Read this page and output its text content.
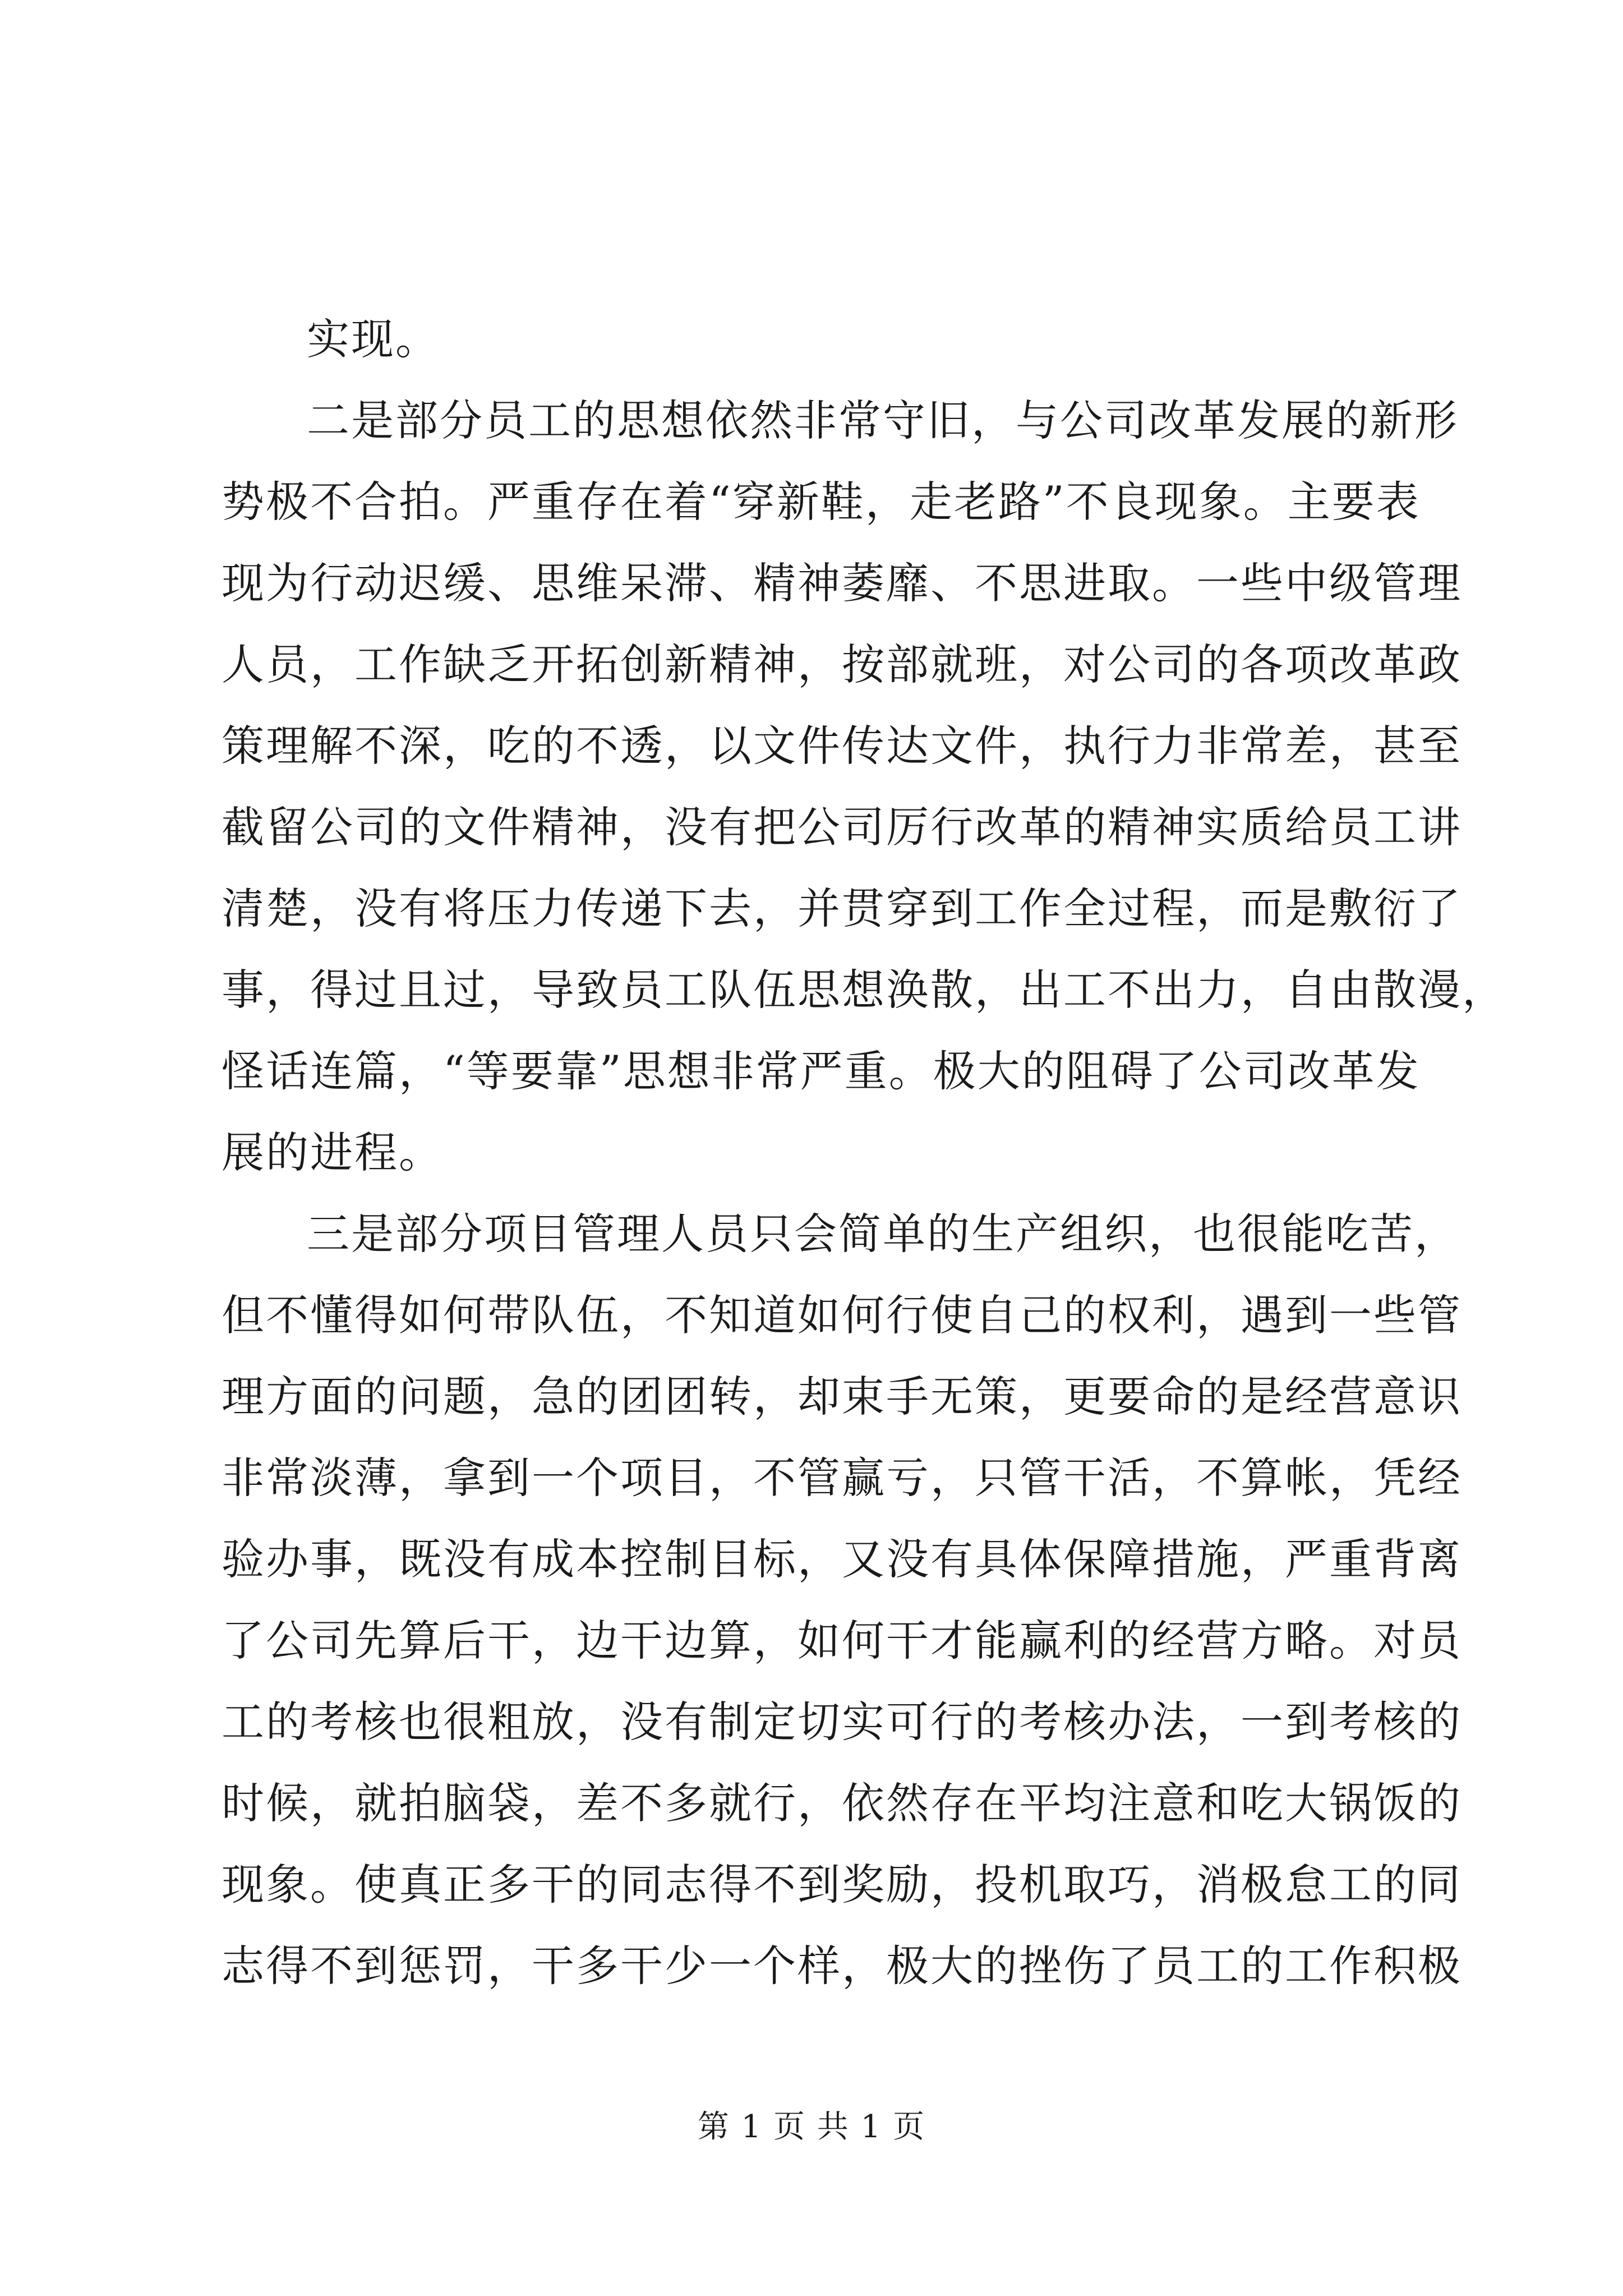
实现。
二是部分员工的思想依然非常守旧，与公司改革发展的新形
势极不合拍。严重存在着“穿新鞋，走老路”不良现象。主要表
现为行动迟缓、思维呆滞、精神萎靡、不思进取。一些中级管理
人员，工作缺乏开拓创新精神，按部就班，对公司的各项改革政
策理解不深，吃的不透，以文件传达文件，执行力非常差，甚至
截留公司的文件精神，没有把公司厉行改革的精神实质给员工讲
清楚，没有将压力传递下去，并贯穿到工作全过程，而是敷衍了
事，得过且过，导致员工队伍思想涣散，出工不出力，自由散漫，
怪话连篇，“等要靠”思想非常严重。极大的阻碍了公司改革发
展的进程。
三是部分项目管理人员只会简单的生产组织，也很能吃苦，
但不懂得如何带队伍，不知道如何行使自己的权利，遇到一些管
理方面的问题，急的团团转，却束手无策，更要命的是经营意识
非常淡薄，拿到一个项目，不管赢亏，只管干活，不算帐，凭经
验办事，既没有成本控制目标，又没有具体保障措施，严重背离
了公司先算后干，边干边算，如何干才能赢利的经营方略。对员
工的考核也很粗放，没有制定切实可行的考核办法，一到考核的
时候，就拍脑袋，差不多就行，依然存在平均注意和吃大锅饭的
现象。使真正多干的同志得不到奖励，投机取巧，消极怠工的同
志得不到惩罚，干多干少一个样，极大的挫伤了员工的工作积极
第 1 页 共 1 页
